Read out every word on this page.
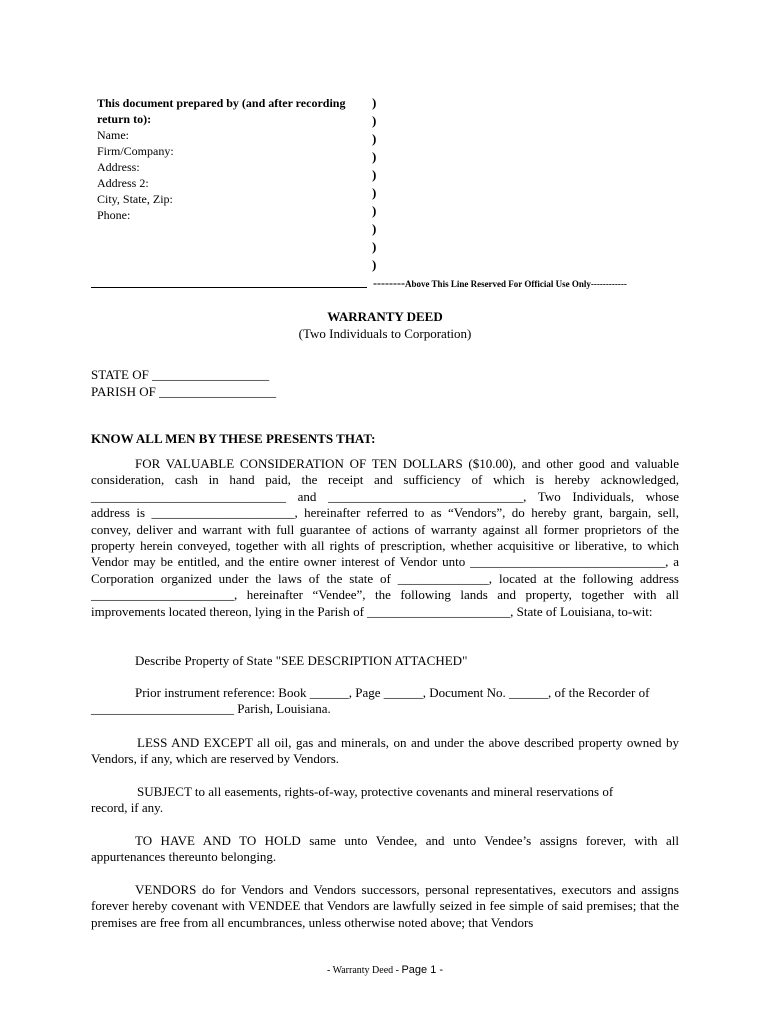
This document prepared by (and after recording
return to):
Name:
Firm/Company:
Address:
Address 2:
City, State, Zip:
Phone:
)
)
)
)
)
)
)
)
)
)
--------Above This Line Reserved For Official Use Only------------
WARRANTY DEED
(Two Individuals to Corporation)
STATE OF __________________
PARISH OF __________________
KNOW ALL MEN BY THESE PRESENTS THAT:
FOR VALUABLE CONSIDERATION OF TEN DOLLARS ($10.00), and other good and valuable consideration, cash in hand paid, the receipt and sufficiency of which is hereby acknowledged, ______________________________ and ______________________________, Two Individuals, whose address is ______________________, hereinafter referred to as “Vendors”, do hereby grant, bargain, sell, convey, deliver and warrant with full guarantee of actions of warranty against all former proprietors of the property herein conveyed, together with all rights of prescription, whether acquisitive or liberative, to which Vendor may be entitled, and the entire owner interest of Vendor unto ______________________________, a Corporation organized under the laws of the state of ______________, located at the following address ______________________, hereinafter “Vendee”, the following lands and property, together with all improvements located thereon, lying in the Parish of ______________________, State of Louisiana, to-wit:
Describe Property of State "SEE DESCRIPTION ATTACHED"
Prior instrument reference: Book ______, Page ______, Document No. ______, of the Recorder of
______________________ Parish, Louisiana.
LESS AND EXCEPT all oil, gas and minerals, on and under the above described property owned by Vendors, if any, which are reserved by Vendors.
SUBJECT to all easements, rights-of-way, protective covenants and mineral reservations of
record, if any.
TO HAVE AND TO HOLD same unto Vendee, and unto Vendee’s assigns forever, with all appurtenances thereunto belonging.
VENDORS do for Vendors and Vendors successors, personal representatives, executors and assigns forever hereby covenant with VENDEE that Vendors are lawfully seized in fee simple of said premises; that the premises are free from all encumbrances, unless otherwise noted above; that Vendors
- Warranty Deed - Page 1 -
